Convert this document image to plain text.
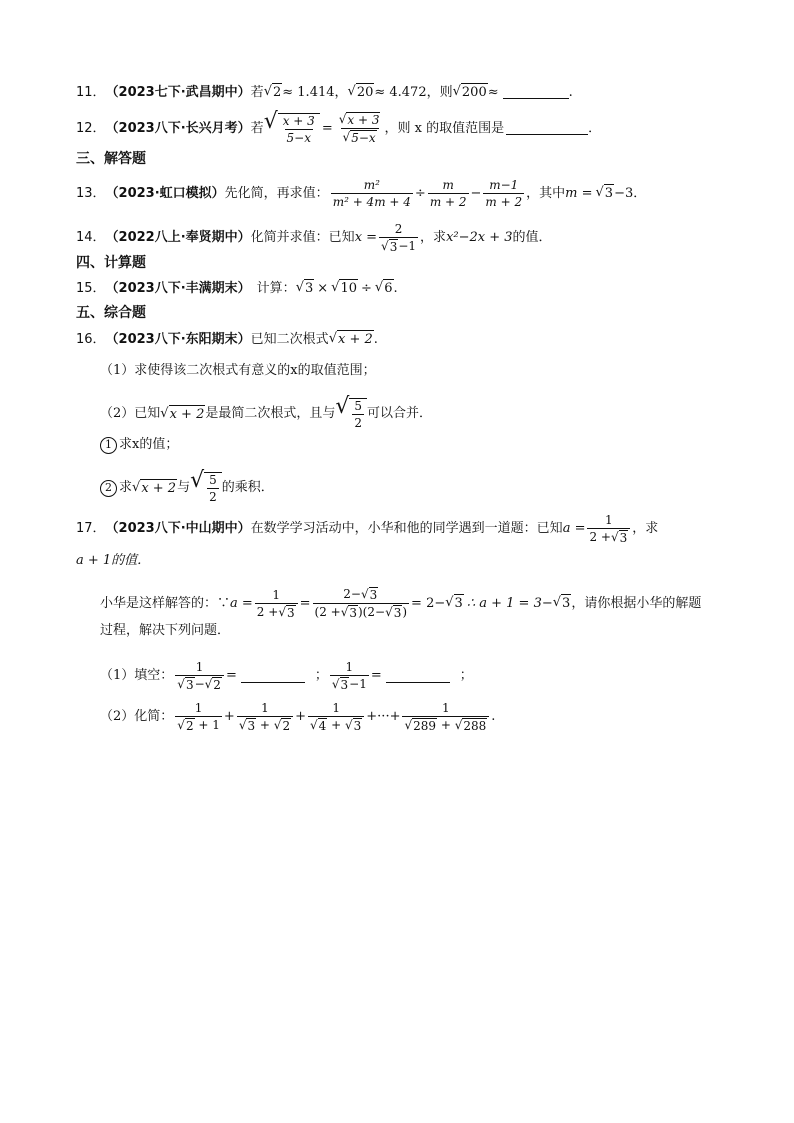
11． （2023七下·武昌期中） 若 √ 2 ≈ 1.414， √ 20 ≈ 4.472，则 √ 200 ≈	.
12． （2023八下·长兴月考） 若 √ $\frac{x + 3}{5-x} = \frac{√ x + 3}{√ 5-x}$ ，则 x 的取值范围是	．
三、解答题
13． （2023·虹口模拟） 先化简，再求值： $\frac{\text{m²}}{\text{m² + 4m + 4}} \div \frac{m}{m + 2} - \frac{m-1}{m + 2}$ ，其中 m = √ 3 −3．
14． （2022八上·奉贤期中） 化简并求值：已知 $x = \frac{2}{√ 3 -1}$ ，求 x²−2x + 3 的值．
四、计算题
15． （2023八下·丰满期末） 计算： √ 3 × √ 10 ÷ √ 6 .
五、综合题
16． （2023八下·东阳期末） 已知二次根式 √ x + 2 .
（1）求使得该二次根式有意义的x的取值范围；
（2）已知 √ x + 2 是最简二次根式，且与 √ $\frac{5}{2}$ 可以合并．
1 求x的值；
2 求 √ x + 2 与 √ $\frac{5}{2}$ 的乘积．
17． （2023八下·中山期中） 在数学学习活动中，小华和他的同学遇到一道题：已知 $a = \frac{1}{2 + √ 3}$ ，求
a + 1的值．
小华是这样解答的：∵ $a = \frac{1}{2 + √ 3} = \frac{2- √ 3}{(2 + √ 3 )(2- √ 3 )} = 2-$ √ 3 ∴ a + 1 = 3− √ 3 ，请你根据小华的解题
过程，解决下列问题．
（1）填空： $\frac{1}{√ 3 - √ 2}$ =	； $\frac{1}{√ 3 -1}$ =	；
（2）化简： $\frac{1}{√ 2 + 1} + \frac{1}{√ 3 + √ 2} + \frac{1}{√ 4 + √ 3}$ +···+ $\frac{1}{√ 289 + √ 288}$ .
